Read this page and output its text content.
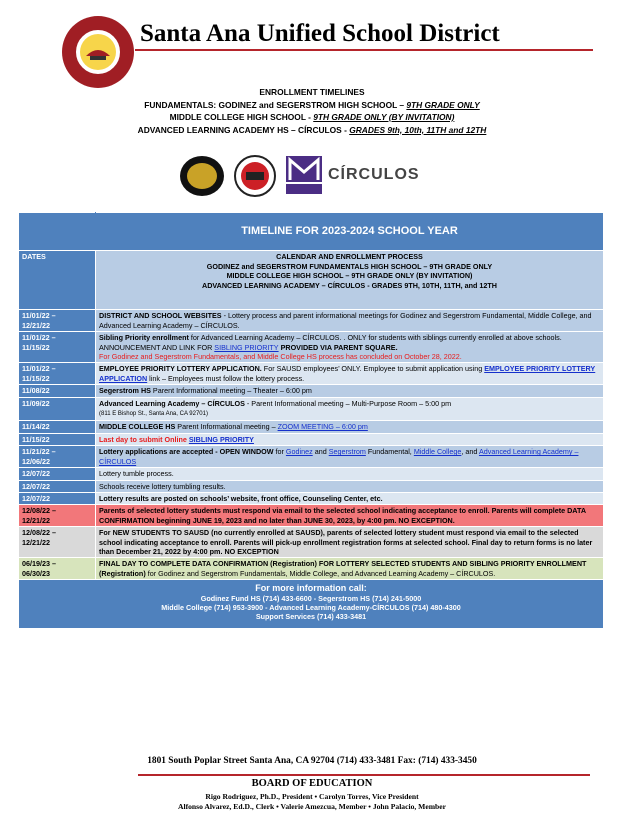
Santa Ana Unified School District
ENROLLMENT TIMELINES
FUNDAMENTALS: GODINEZ and SEGERSTROM HIGH SCHOOL – 9TH GRADE ONLY
MIDDLE COLLEGE HIGH SCHOOL - 9TH GRADE ONLY (BY INVITATION)
ADVANCED LEARNING ACADEMY HS – CÍRCULOS - GRADES 9th, 10th, 11TH and 12TH
CÍRCULOS
	TIMELINE FOR 2023-2024 SCHOOL YEAR
DATES	CALENDAR AND ENROLLMENT PROCESS
GODINEZ and SEGERSTROM FUNDAMENTALS HIGH SCHOOL – 9TH GRADE ONLY
MIDDLE COLLEGE HIGH SCHOOL – 9TH GRADE ONLY (BY INVITATION)
ADVANCED LEARNING ACADEMY – CÍRCULOS - GRADES 9TH, 10TH, 11TH, and 12TH

11/01/22 –
12/21/22	DISTRICT AND SCHOOL WEBSITES - Lottery process and parent informational meetings for Godinez and Segerstrom Fundamental, Middle College, and Advanced Learning Academy – CÍRCULOS.
11/01/22 –
11/15/22	Sibling Priority enrollment for Advanced Learning Academy – CÍRCULOS. . ONLY for students with siblings currently enrolled at above schools. ANNOUNCEMENT AND LINK FOR SIBLING PRIORITY PROVIDED VIA PARENT SQUARE.
For Godinez and Segerstrom Fundamentals, and Middle College HS process has concluded on October 28, 2022.
11/01/22 –
11/15/22	EMPLOYEE PRIORITY LOTTERY APPLICATION. For SAUSD employees’ ONLY. Employee to submit application using EMPLOYEE PRIORITY LOTTERY APPLICATION link – Employees must follow the lottery process.
11/08/22	Segerstrom HS Parent Informational meeting – Theater – 6:00 pm
11/09/22	Advanced Learning Academy – CÍRCULOS - Parent Informational meeting – Multi-Purpose Room – 5:00 pm
(811 E Bishop St., Santa Ana, CA 92701)
11/14/22	MIDDLE COLLEGE HS Parent Informational meeting – ZOOM MEETING – 6:00 pm
11/15/22	Last day to submit Online SIBLING PRIORITY
11/21/22 –
12/06/22	Lottery applications are accepted - OPEN WINDOW for Godinez and Segerstrom Fundamental, Middle College, and Advanced Learning Academy – CÍRCULOS
12/07/22	Lottery tumble process.
12/07/22	Schools receive lottery tumbling results.
12/07/22	Lottery results are posted on schools’ website, front office, Counseling Center, etc.
12/08/22 –
12/21/22	Parents of selected lottery students must respond via email to the selected school indicating acceptance to enroll. Parents will complete DATA CONFIRMATION beginning JUNE 19, 2023 and no later than JUNE 30, 2023, by 4:00 pm. NO EXCEPTION.
12/08/22 –
12/21/22	For NEW STUDENTS TO SAUSD (no currently enrolled at SAUSD), parents of selected lottery student must respond via email to the selected school indicating acceptance to enroll. Parents will pick-up enrollment registration forms at selected school. Final day to return forms is no later than December 21, 2022 by 4:00 pm. NO EXCEPTION
06/19/23 –
06/30/23	FINAL DAY TO COMPLETE DATA CONFIRMATION (Registration) FOR LOTTERY SELECTED STUDENTS AND SIBLING PRIORITY ENROLLMENT (Registration) for Godinez and Segerstrom Fundamentals, Middle College, and Advanced Learning Academy – CÍRCULOS.

For more information call:
Godinez Fund HS (714) 433-6600 - Segerstrom HS (714) 241-5000
Middle College (714) 953-3900 - Advanced Learning Academy-CÍRCULOS (714) 480-4300
Support Services (714) 433-3481	
1801 South Poplar Street Santa Ana, CA 92704 (714) 433-3481 Fax: (714) 433-3450
BOARD OF EDUCATION
Rigo Rodriguez, Ph.D., President • Carolyn Torres, Vice President
Alfonso Alvarez, Ed.D., Clerk • Valerie Amezcua, Member • John Palacio, Member
